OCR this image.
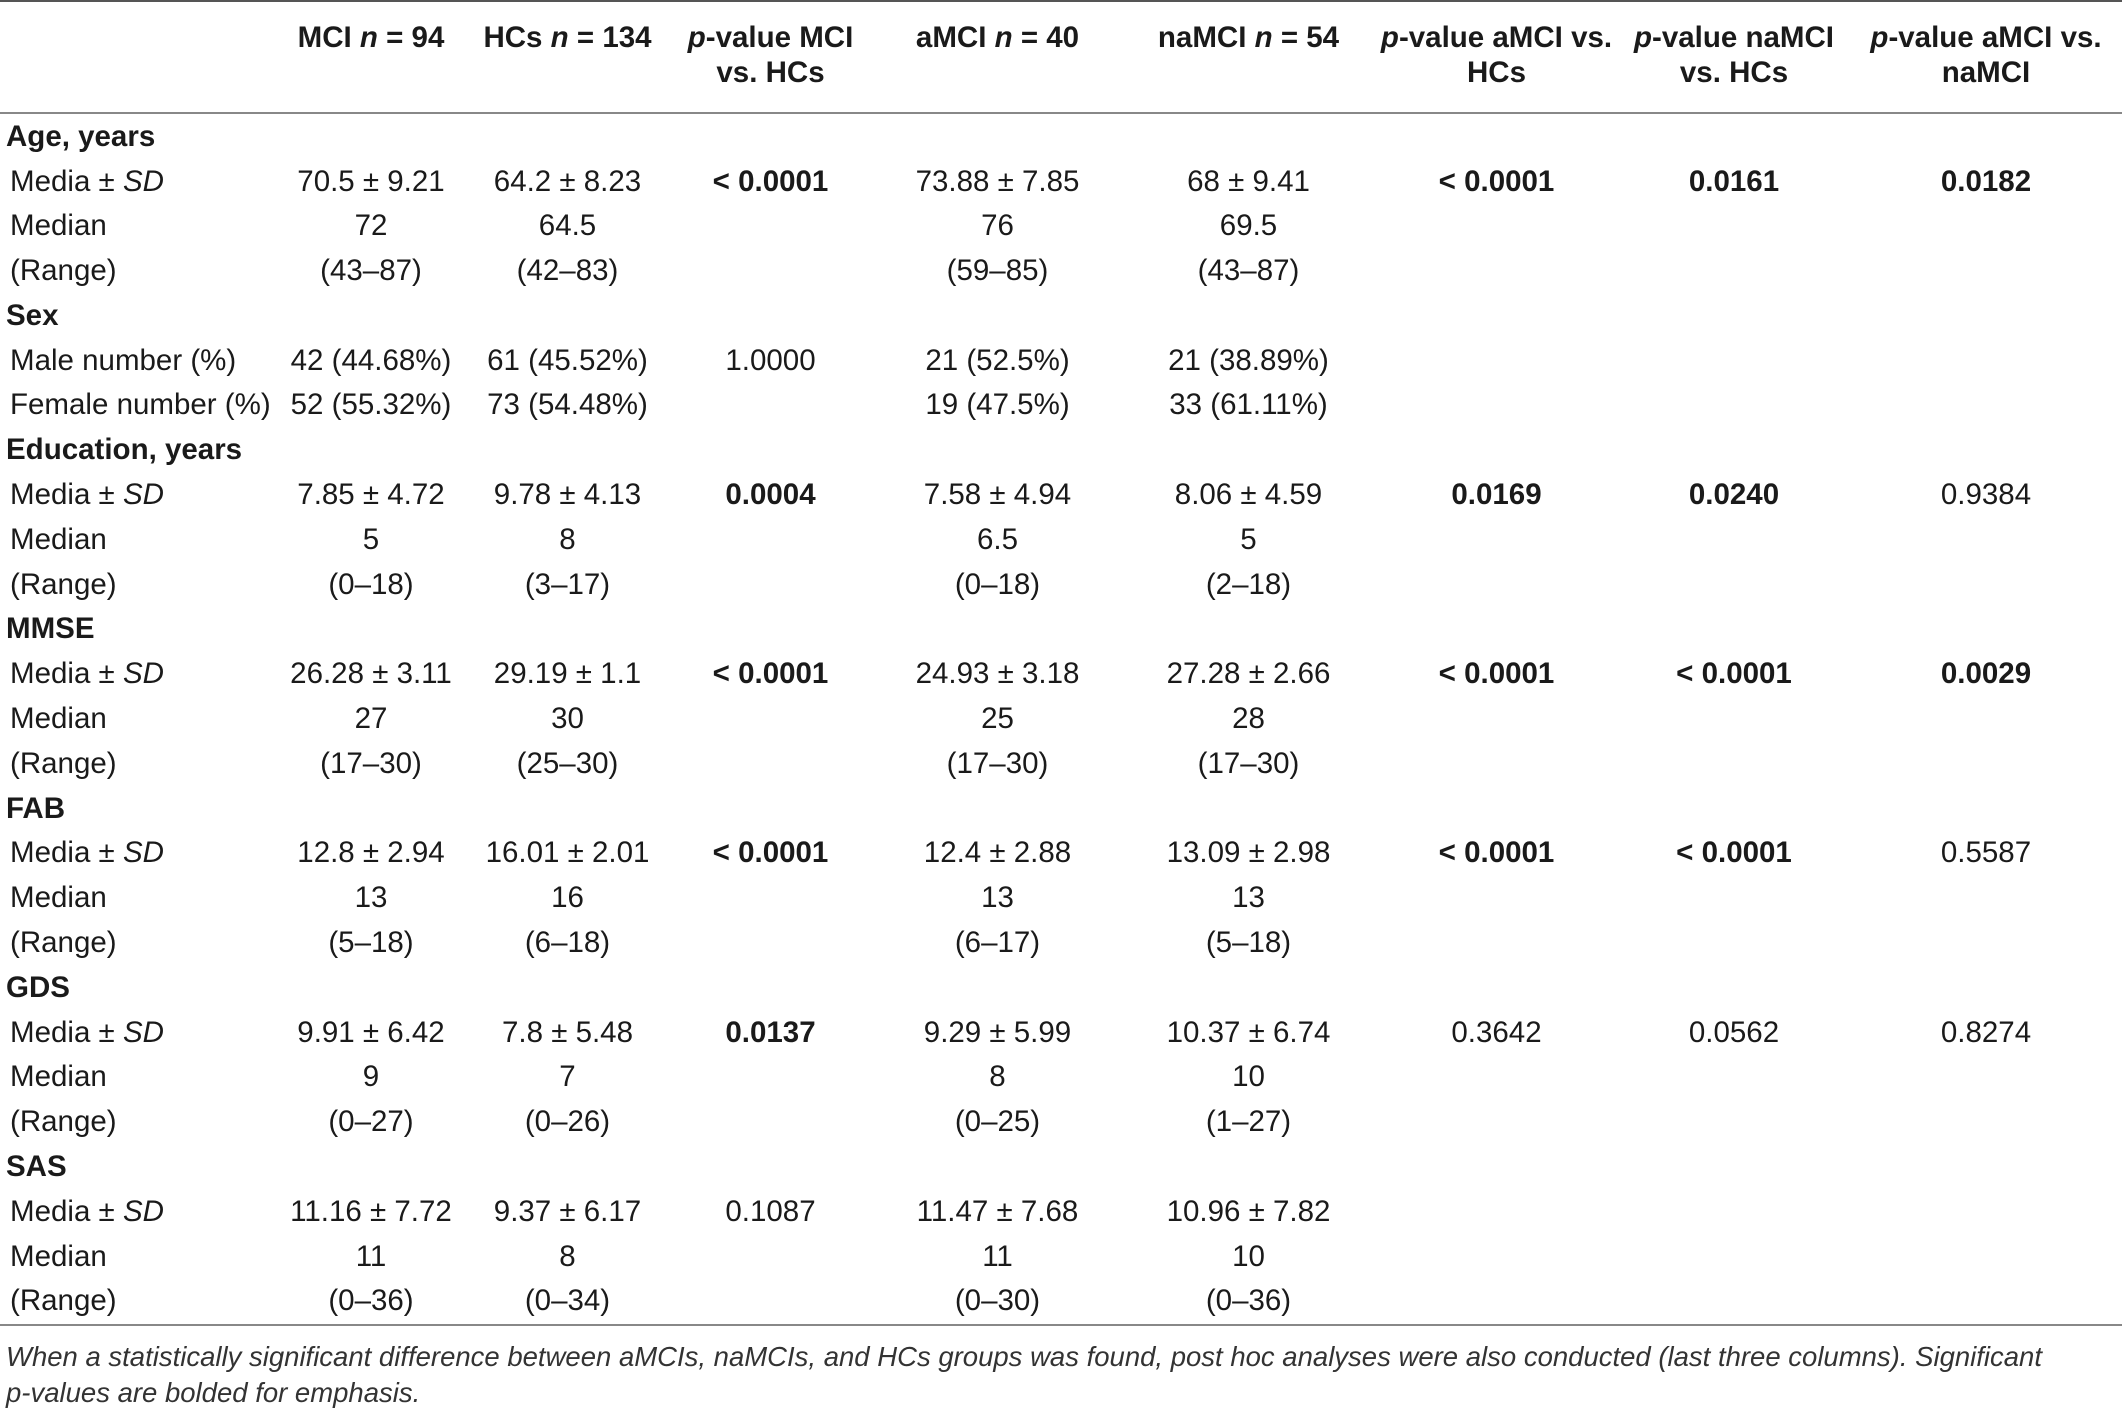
	MCI n = 94	HCs n = 134	p-value MCI vs. HCs	aMCI n = 40	naMCI n = 54	p-value aMCI vs. HCs	p-value naMCI vs. HCs	p-value aMCI vs. naMCI
Age, years								
Media ± SD	70.5 ± 9.21	64.2 ± 8.23	< 0.0001	73.88 ± 7.85	68 ± 9.41	< 0.0001	0.0161	0.0182
Median	72	64.5		76	69.5			
(Range)	(43–87)	(42–83)		(59–85)	(43–87)			
Sex								
Male number (%)	42 (44.68%)	61 (45.52%)	1.0000	21 (52.5%)	21 (38.89%)			
Female number (%)	52 (55.32%)	73 (54.48%)		19 (47.5%)	33 (61.11%)			
Education, years								
Media ± SD	7.85 ± 4.72	9.78 ± 4.13	0.0004	7.58 ± 4.94	8.06 ± 4.59	0.0169	0.0240	0.9384
Median	5	8		6.5	5			
(Range)	(0–18)	(3–17)		(0–18)	(2–18)			
MMSE								
Media ± SD	26.28 ± 3.11	29.19 ± 1.1	< 0.0001	24.93 ± 3.18	27.28 ± 2.66	< 0.0001	< 0.0001	0.0029
Median	27	30		25	28			
(Range)	(17–30)	(25–30)		(17–30)	(17–30)			
FAB								
Media ± SD	12.8 ± 2.94	16.01 ± 2.01	< 0.0001	12.4 ± 2.88	13.09 ± 2.98	< 0.0001	< 0.0001	0.5587
Median	13	16		13	13			
(Range)	(5–18)	(6–18)		(6–17)	(5–18)			
GDS								
Media ± SD	9.91 ± 6.42	7.8 ± 5.48	0.0137	9.29 ± 5.99	10.37 ± 6.74	0.3642	0.0562	0.8274
Median	9	7		8	10			
(Range)	(0–27)	(0–26)		(0–25)	(1–27)			
SAS								
Media ± SD	11.16 ± 7.72	9.37 ± 6.17	0.1087	11.47 ± 7.68	10.96 ± 7.82			
Median	11	8		11	10			
(Range)	(0–36)	(0–34)		(0–30)	(0–36)			
When a statistically significant difference between aMCIs, naMCIs, and HCs groups was found, post hoc analyses were also conducted (last three columns). Significant
p-values are bolded for emphasis.
